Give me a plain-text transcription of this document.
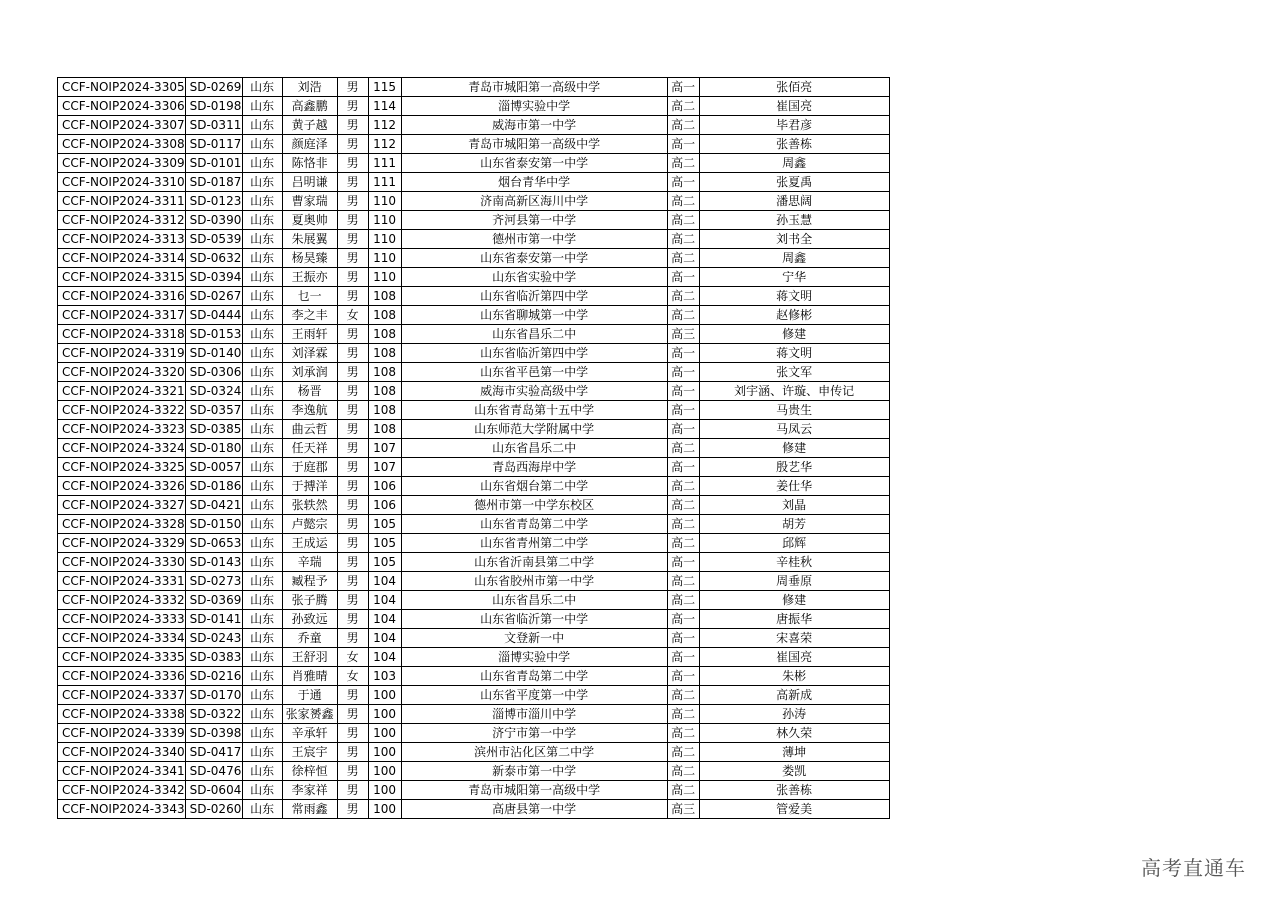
CCF-NOIP2024-3305	SD-0269	山东	刘浩	男	115	青岛市城阳第一高级中学	高一	张佰亮
CCF-NOIP2024-3306	SD-0198	山东	高鑫鹏	男	114	淄博实验中学	高二	崔国亮
CCF-NOIP2024-3307	SD-0311	山东	黄子越	男	112	威海市第一中学	高二	毕君彦
CCF-NOIP2024-3308	SD-0117	山东	颜庭泽	男	112	青岛市城阳第一高级中学	高一	张善栋
CCF-NOIP2024-3309	SD-0101	山东	陈恪非	男	111	山东省泰安第一中学	高二	周鑫
CCF-NOIP2024-3310	SD-0187	山东	吕明谦	男	111	烟台青华中学	高一	张夏禹
CCF-NOIP2024-3311	SD-0123	山东	曹家瑞	男	110	济南高新区海川中学	高二	潘思阔
CCF-NOIP2024-3312	SD-0390	山东	夏奥帅	男	110	齐河县第一中学	高二	孙玉慧
CCF-NOIP2024-3313	SD-0539	山东	朱展翼	男	110	德州市第一中学	高二	刘书全
CCF-NOIP2024-3314	SD-0632	山东	杨昊臻	男	110	山东省泰安第一中学	高二	周鑫
CCF-NOIP2024-3315	SD-0394	山东	王振亦	男	110	山东省实验中学	高一	宁华
CCF-NOIP2024-3316	SD-0267	山东	乜一	男	108	山东省临沂第四中学	高二	蒋文明
CCF-NOIP2024-3317	SD-0444	山东	李之丰	女	108	山东省聊城第一中学	高二	赵修彬
CCF-NOIP2024-3318	SD-0153	山东	王雨轩	男	108	山东省昌乐二中	高三	修建
CCF-NOIP2024-3319	SD-0140	山东	刘泽霖	男	108	山东省临沂第四中学	高一	蒋文明
CCF-NOIP2024-3320	SD-0306	山东	刘承润	男	108	山东省平邑第一中学	高一	张文军
CCF-NOIP2024-3321	SD-0324	山东	杨晋	男	108	威海市实验高级中学	高一	刘宇涵、许璇、申传记
CCF-NOIP2024-3322	SD-0357	山东	李逸航	男	108	山东省青岛第十五中学	高一	马贵生
CCF-NOIP2024-3323	SD-0385	山东	曲云哲	男	108	山东师范大学附属中学	高一	马凤云
CCF-NOIP2024-3324	SD-0180	山东	任天祥	男	107	山东省昌乐二中	高二	修建
CCF-NOIP2024-3325	SD-0057	山东	于庭郡	男	107	青岛西海岸中学	高一	殷艺华
CCF-NOIP2024-3326	SD-0186	山东	于搏洋	男	106	山东省烟台第二中学	高二	姜仕华
CCF-NOIP2024-3327	SD-0421	山东	张轶然	男	106	德州市第一中学东校区	高二	刘晶
CCF-NOIP2024-3328	SD-0150	山东	卢懿宗	男	105	山东省青岛第二中学	高二	胡芳
CCF-NOIP2024-3329	SD-0653	山东	王成运	男	105	山东省青州第二中学	高二	邱辉
CCF-NOIP2024-3330	SD-0143	山东	辛瑞	男	105	山东省沂南县第二中学	高一	辛桂秋
CCF-NOIP2024-3331	SD-0273	山东	臧程予	男	104	山东省胶州市第一中学	高二	周垂原
CCF-NOIP2024-3332	SD-0369	山东	张子腾	男	104	山东省昌乐二中	高二	修建
CCF-NOIP2024-3333	SD-0141	山东	孙致远	男	104	山东省临沂第一中学	高一	唐振华
CCF-NOIP2024-3334	SD-0243	山东	乔童	男	104	文登新一中	高一	宋喜荣
CCF-NOIP2024-3335	SD-0383	山东	王舒羽	女	104	淄博实验中学	高一	崔国亮
CCF-NOIP2024-3336	SD-0216	山东	肖雅晴	女	103	山东省青岛第二中学	高一	朱彬
CCF-NOIP2024-3337	SD-0170	山东	于通	男	100	山东省平度第一中学	高二	高新成
CCF-NOIP2024-3338	SD-0322	山东	张家赟鑫	男	100	淄博市淄川中学	高二	孙涛
CCF-NOIP2024-3339	SD-0398	山东	辛承轩	男	100	济宁市第一中学	高二	林久荣
CCF-NOIP2024-3340	SD-0417	山东	王宸宇	男	100	滨州市沾化区第二中学	高二	薄坤
CCF-NOIP2024-3341	SD-0476	山东	徐梓恒	男	100	新泰市第一中学	高二	娄凯
CCF-NOIP2024-3342	SD-0604	山东	李家祥	男	100	青岛市城阳第一高级中学	高二	张善栋
CCF-NOIP2024-3343	SD-0260	山东	常雨鑫	男	100	高唐县第一中学	高三	管爱美
高考直通车
